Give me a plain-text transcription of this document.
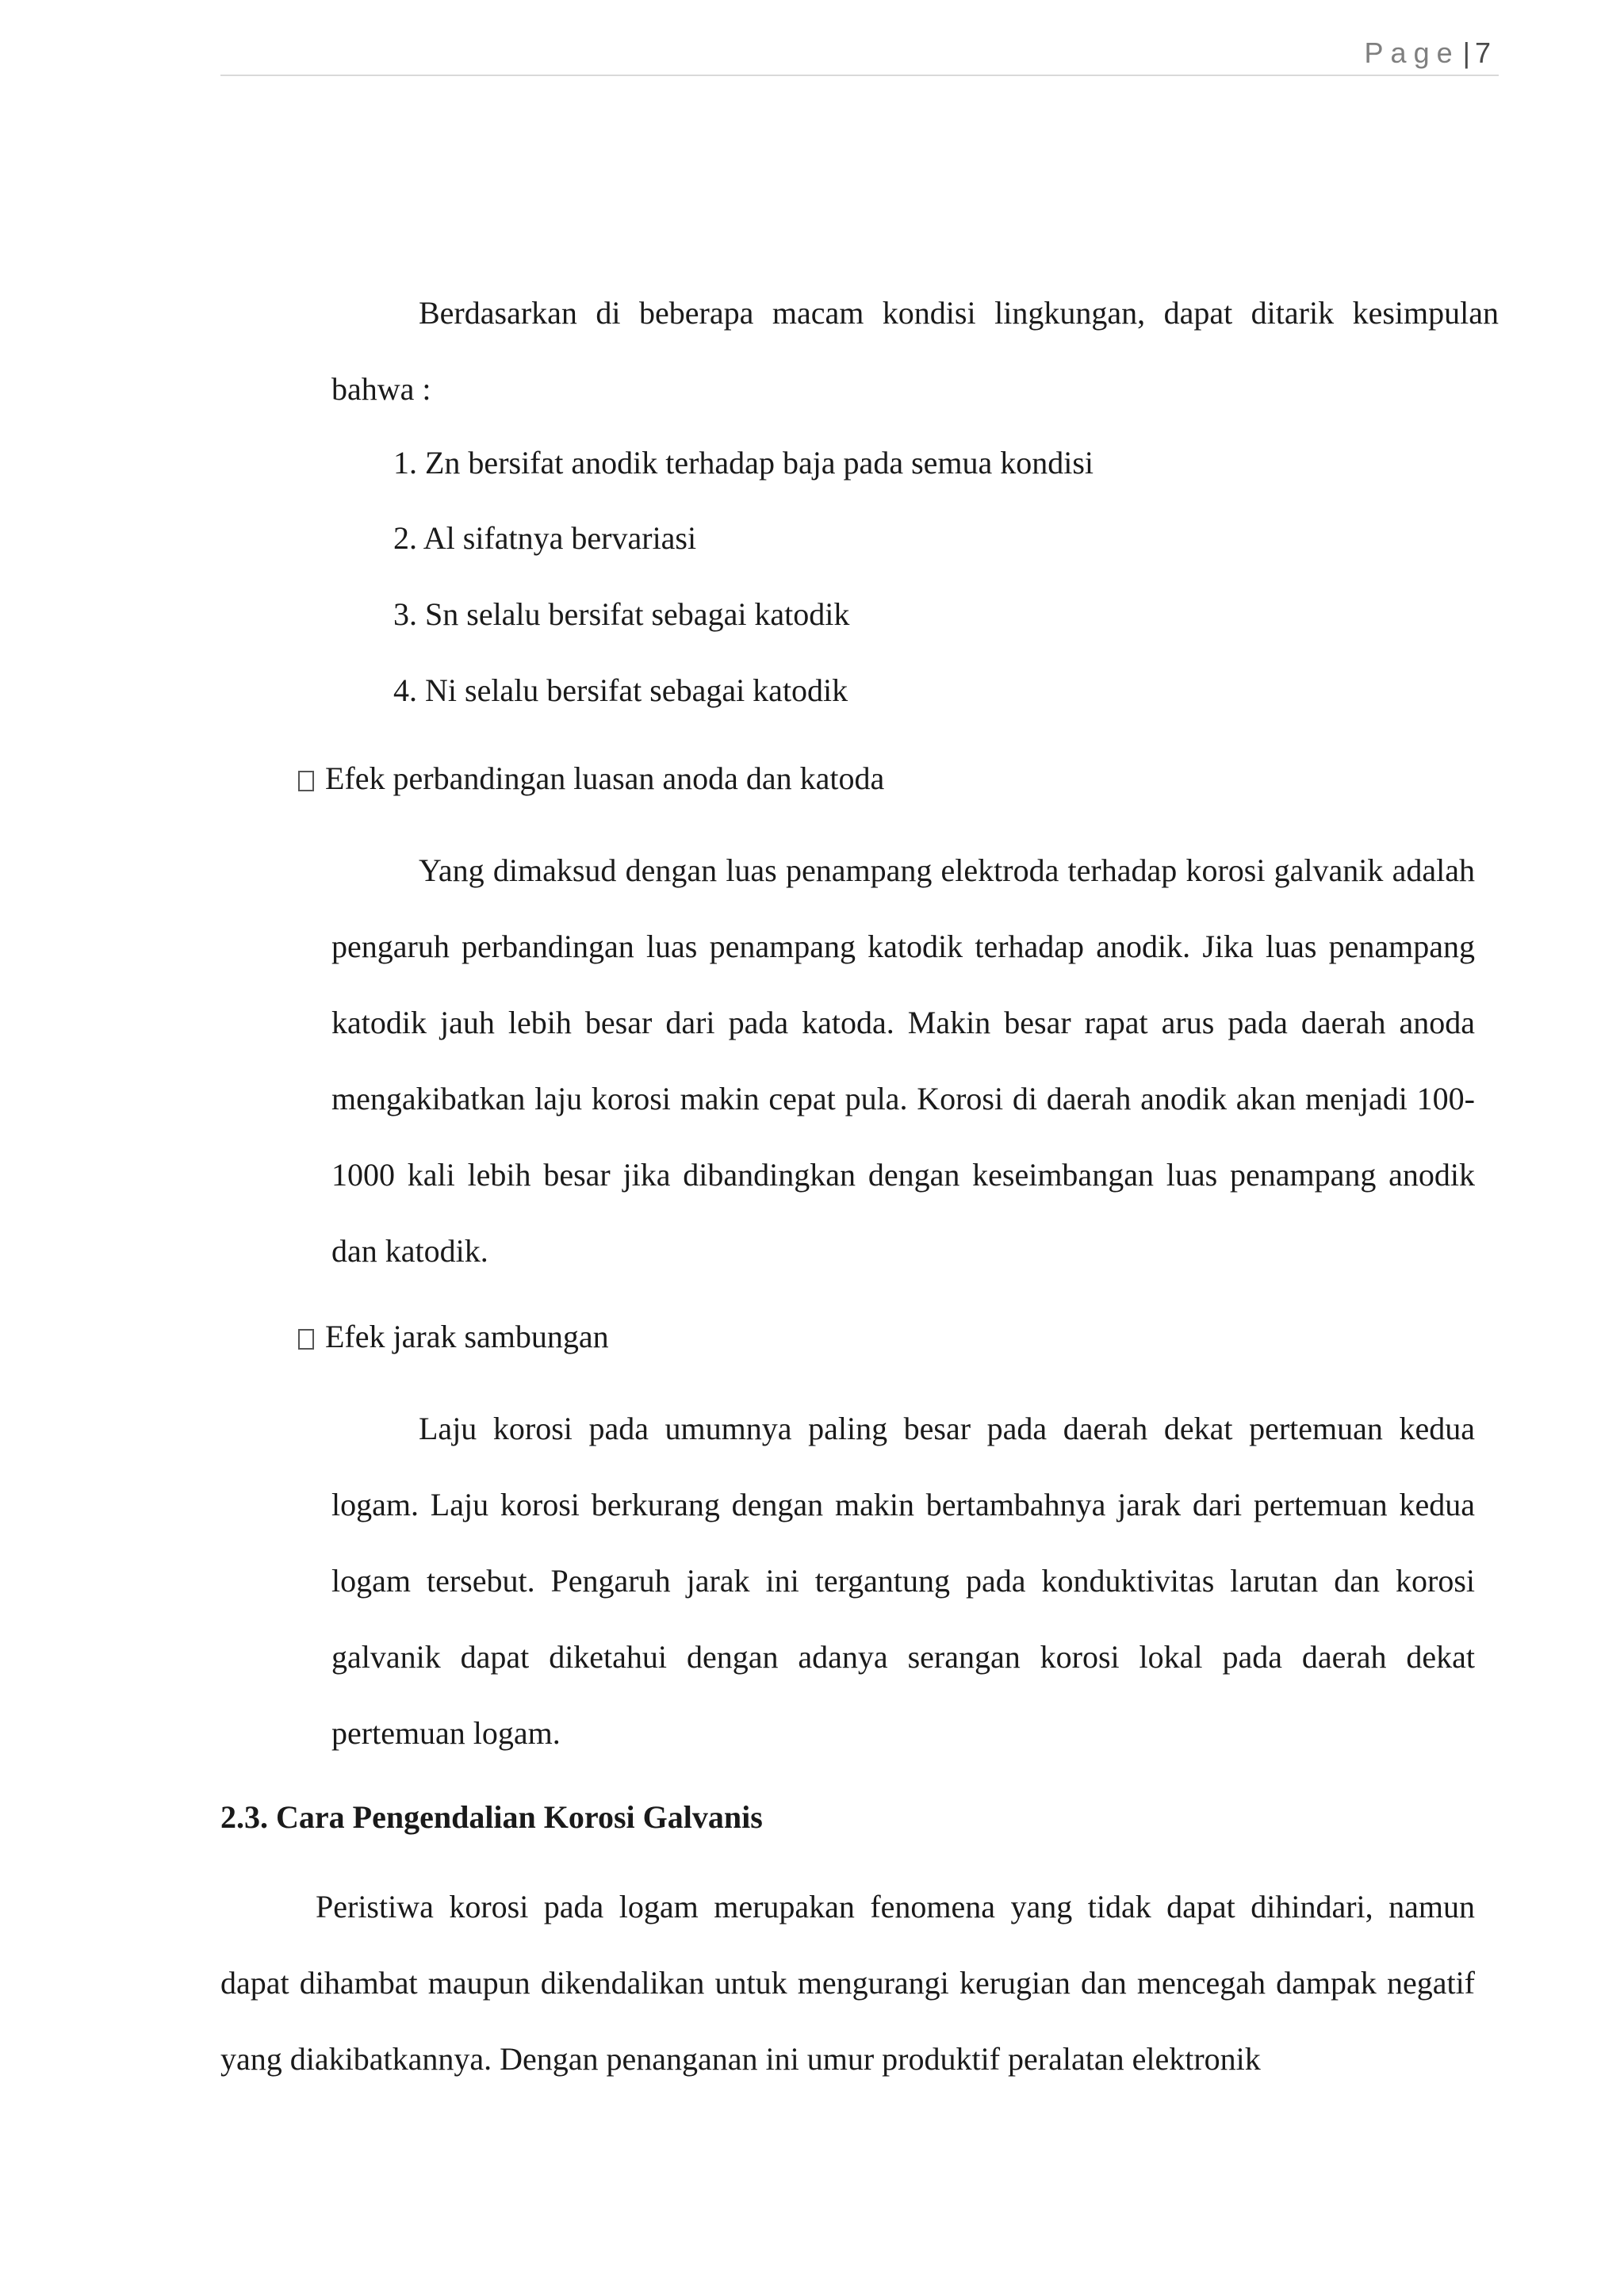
Page | 7

Berdasarkan di beberapa macam kondisi lingkungan, dapat ditarik kesimpulan bahwa :

1. Zn bersifat anodik terhadap baja pada semua kondisi
2. Al sifatnya bervariasi
3. Sn selalu bersifat sebagai katodik
4. Ni selalu bersifat sebagai katodik
Efek perbandingan luasan anoda dan katoda

Yang dimaksud dengan luas penampang elektroda terhadap korosi galvanik adalah pengaruh perbandingan luas penampang katodik terhadap anodik. Jika luas penampang katodik jauh lebih besar dari pada katoda. Makin besar rapat arus pada daerah anoda mengakibatkan laju korosi makin cepat pula. Korosi di daerah anodik akan menjadi 100-1000 kali lebih besar jika dibandingkan dengan keseimbangan luas penampang anodik dan katodik.

Efek jarak sambungan

Laju korosi pada umumnya paling besar pada daerah dekat pertemuan kedua logam. Laju korosi berkurang dengan makin bertambahnya jarak dari pertemuan kedua logam tersebut. Pengaruh jarak ini tergantung pada konduktivitas larutan dan korosi galvanik dapat diketahui dengan adanya serangan korosi lokal pada daerah dekat pertemuan logam.

2.3. Cara Pengendalian Korosi Galvanis

Peristiwa korosi pada logam merupakan fenomena yang tidak dapat dihindari, namun dapat dihambat maupun dikendalikan untuk mengurangi kerugian dan mencegah dampak negatif yang diakibatkannya. Dengan penanganan ini umur produktif peralatan elektronik
